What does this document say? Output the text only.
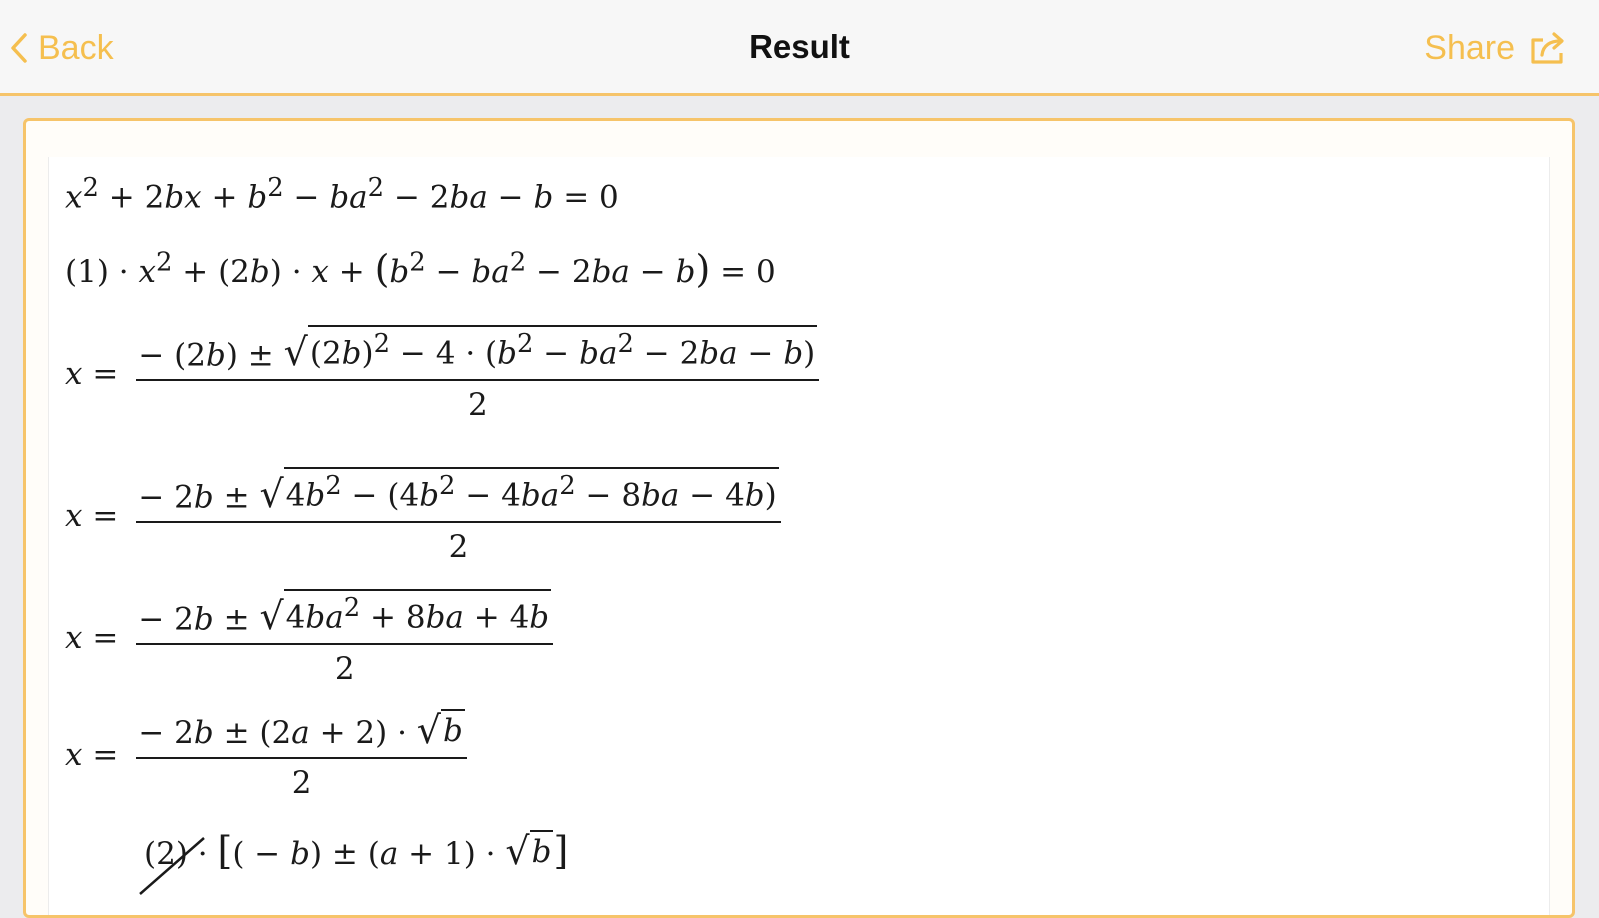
Back	Result	Share
$x^2 + 2bx + b^2 - ba^2 - 2ba - b = 0$
$(1) \cdot x^2 + (2b) \cdot x + (b^2 - ba^2 - 2ba - b) = 0$
$x = \frac{- (2b) \pm √ (2b)^2 - 4 \cdot (b^2 - ba^2 - 2ba - b)}{2}$
$x = \frac{- 2b \pm √ 4b^2 - (4b^2 - 4ba^2 - 8ba - 4b)}{2}$
$x = \frac{- 2b \pm √ 4ba^2 + 8ba + 4b}{2}$
$x = \frac{- 2b \pm (2a + 2) \cdot √ b}{2}$
(2)
· [( − b) ± (a + 1) · √ b ]
